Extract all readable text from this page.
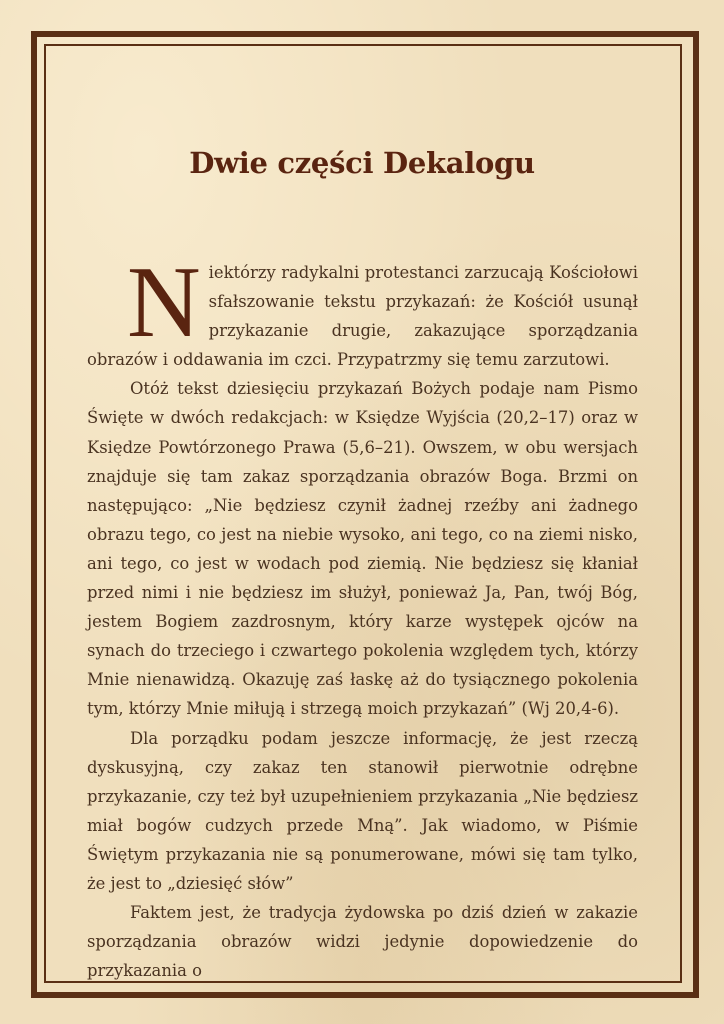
Dwie części Dekalogu

Niektórzy radykalni protestanci zarzucają Kościołowi sfałszowanie tekstu przykazań: że Kościół usunął przykazanie drugie, zakazujące sporządzania obrazów i oddawania im czci. Przypatrzmy się temu zarzutowi.

Otóż tekst dziesięciu przykazań Bożych podaje nam Pismo Święte w dwóch redakcjach: w Księdze Wyjścia (20,2–17) oraz w Księdze Powtórzonego Prawa (5,6–21). Owszem, w obu wersjach znajduje się tam zakaz sporządzania obrazów Boga. Brzmi on następująco: „Nie będziesz czynił żadnej rzeźby ani żadnego obrazu tego, co jest na niebie wysoko, ani tego, co na ziemi nisko, ani tego, co jest w wodach pod ziemią. Nie będziesz się kłaniał przed nimi i nie będziesz im służył, ponieważ Ja, Pan, twój Bóg, jestem Bogiem zazdrosnym, który karze występek ojców na synach do trzeciego i czwartego pokolenia względem tych, którzy Mnie nienawidzą. Okazuję zaś łaskę aż do tysiącznego pokolenia tym, którzy Mnie miłują i strzegą moich przykazań” (Wj 20,4-6).

Dla porządku podam jeszcze informację, że jest rzeczą dyskusyjną, czy zakaz ten stanowił pierwotnie odrębne przykazanie, czy też był uzupełnieniem przykazania „Nie będziesz miał bogów cudzych przede Mną”. Jak wiadomo, w Piśmie Świętym przykazania nie są ponumerowane, mówi się tam tylko, że jest to „dziesięć słów”

Faktem jest, że tradycja żydowska po dziś dzień w zakazie sporządzania obrazów widzi jedynie dopowiedzenie do przykazania o
